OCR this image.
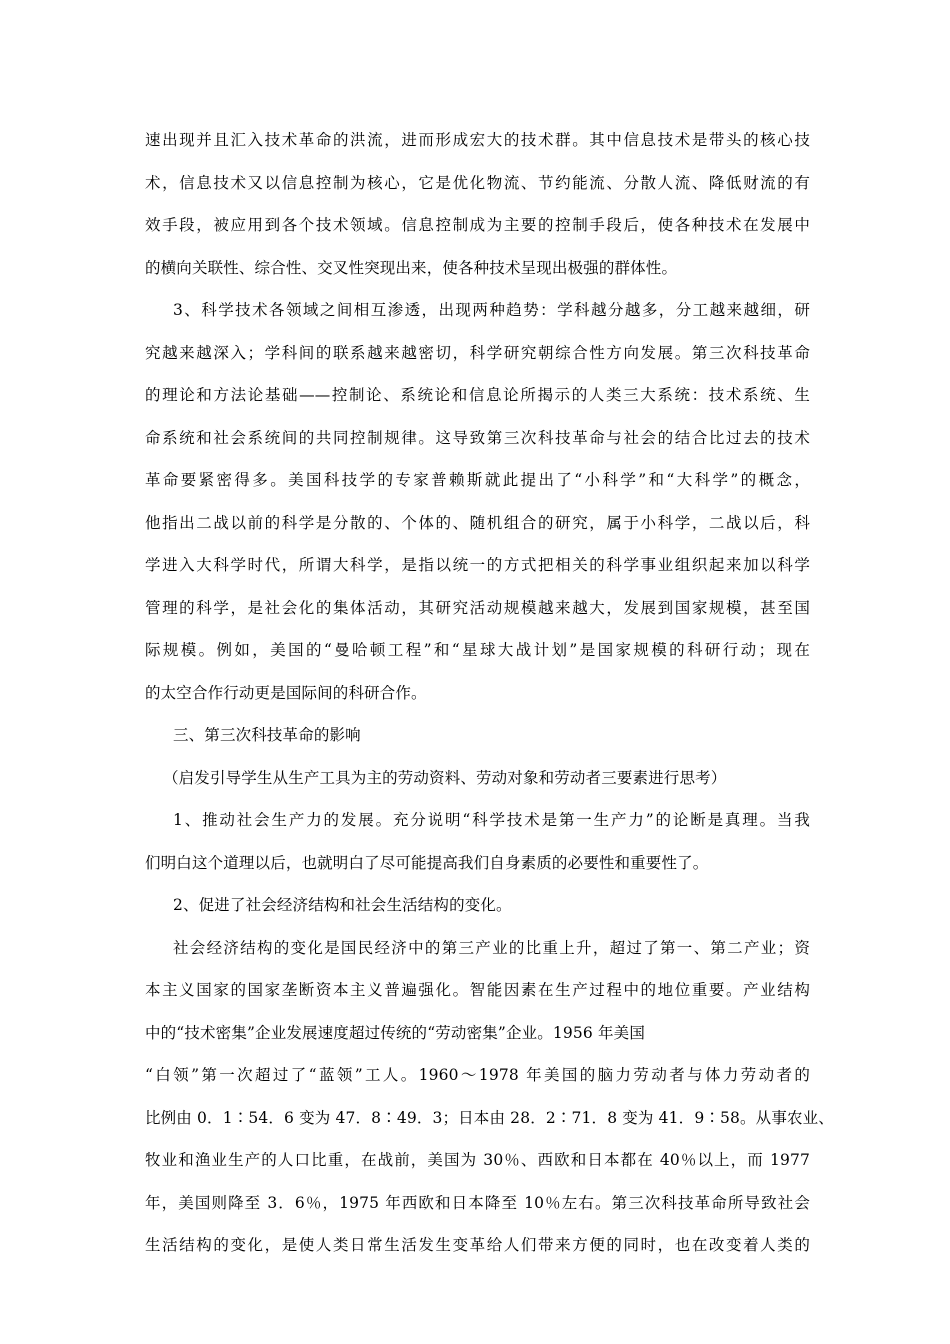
速出现并且汇入技术革命的洪流，进而形成宏大的技术群。其中信息技术是带头的核心技
术，信息技术又以信息控制为核心，它是优化物流、节约能流、分散人流、降低财流的有
效手段，被应用到各个技术领域。信息控制成为主要的控制手段后，使各种技术在发展中
的横向关联性、综合性、交叉性突现出来，使各种技术呈现出极强的群体性。
3、科学技术各领域之间相互渗透，出现两种趋势：学科越分越多，分工越来越细，研
究越来越深入；学科间的联系越来越密切，科学研究朝综合性方向发展。第三次科技革命
的理论和方法论基础——控制论、系统论和信息论所揭示的人类三大系统：技术系统、生
命系统和社会系统间的共同控制规律。这导致第三次科技革命与社会的结合比过去的技术
革命要紧密得多。美国科技学的专家普赖斯就此提出了“小科学”和“大科学”的概念，
他指出二战以前的科学是分散的、个体的、随机组合的研究，属于小科学，二战以后，科
学进入大科学时代，所谓大科学，是指以统一的方式把相关的科学事业组织起来加以科学
管理的科学，是社会化的集体活动，其研究活动规模越来越大，发展到国家规模，甚至国
际规模。例如，美国的“曼哈顿工程”和“星球大战计划”是国家规模的科研行动；现在
的太空合作行动更是国际间的科研合作。
三、第三次科技革命的影响
（启发引导学生从生产工具为主的劳动资料、劳动对象和劳动者三要素进行思考）
1、推动社会生产力的发展。充分说明“科学技术是第一生产力”的论断是真理。当我
们明白这个道理以后，也就明白了尽可能提高我们自身素质的必要性和重要性了。
2、促进了社会经济结构和社会生活结构的变化。
社会经济结构的变化是国民经济中的第三产业的比重上升，超过了第一、第二产业；资
本主义国家的国家垄断资本主义普遍强化。智能因素在生产过程中的地位重要。产业结构
中的“技术密集”企业发展速度超过传统的“劳动密集”企业。1956 年美国
“白领”第一次超过了“蓝领”工人。1960～1978 年美国的脑力劳动者与体力劳动者的
比例由 0．1∶54．6 变为 47．8∶49．3；日本由 28．2∶71．8 变为 41．9∶58。从事农业、
牧业和渔业生产的人口比重，在战前，美国为 30％、西欧和日本都在 40％以上，而 1977
年，美国则降至 3．6％，1975 年西欧和日本降至 10％左右。第三次科技革命所导致社会
生活结构的变化，是使人类日常生活发生变革给人们带来方便的同时，也在改变着人类的
